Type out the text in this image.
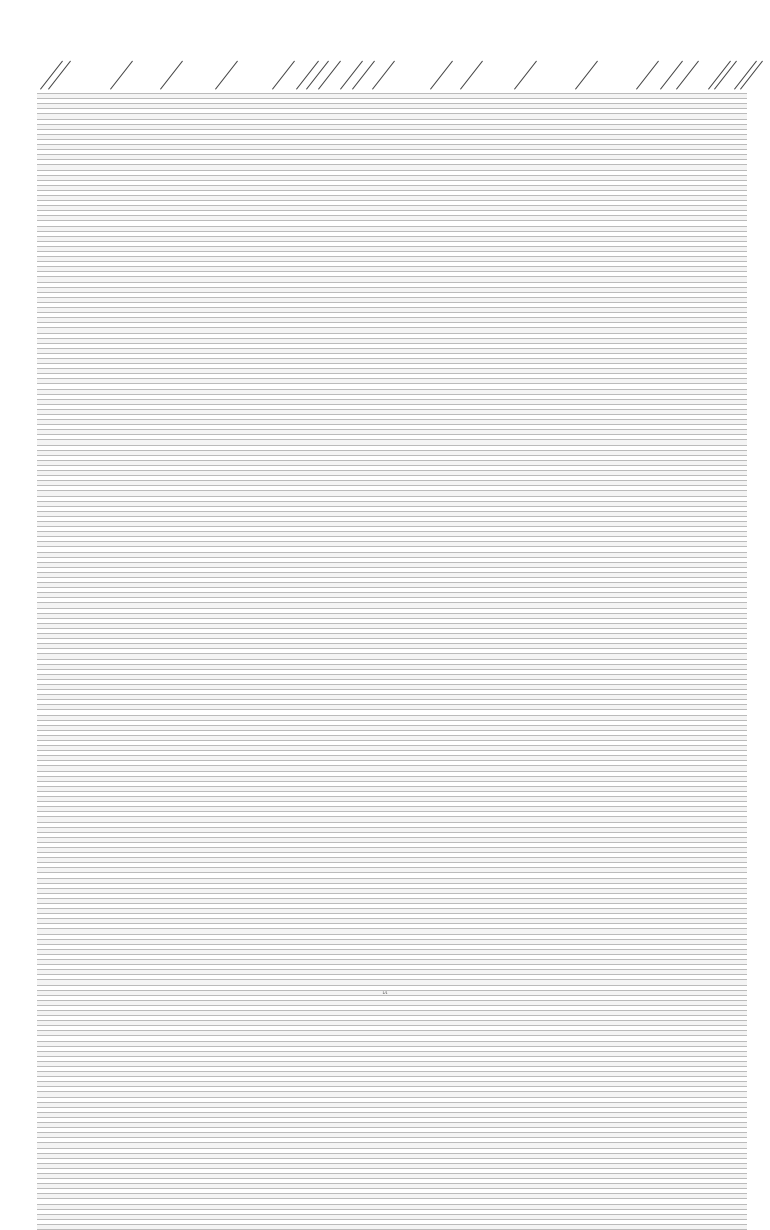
1/1
